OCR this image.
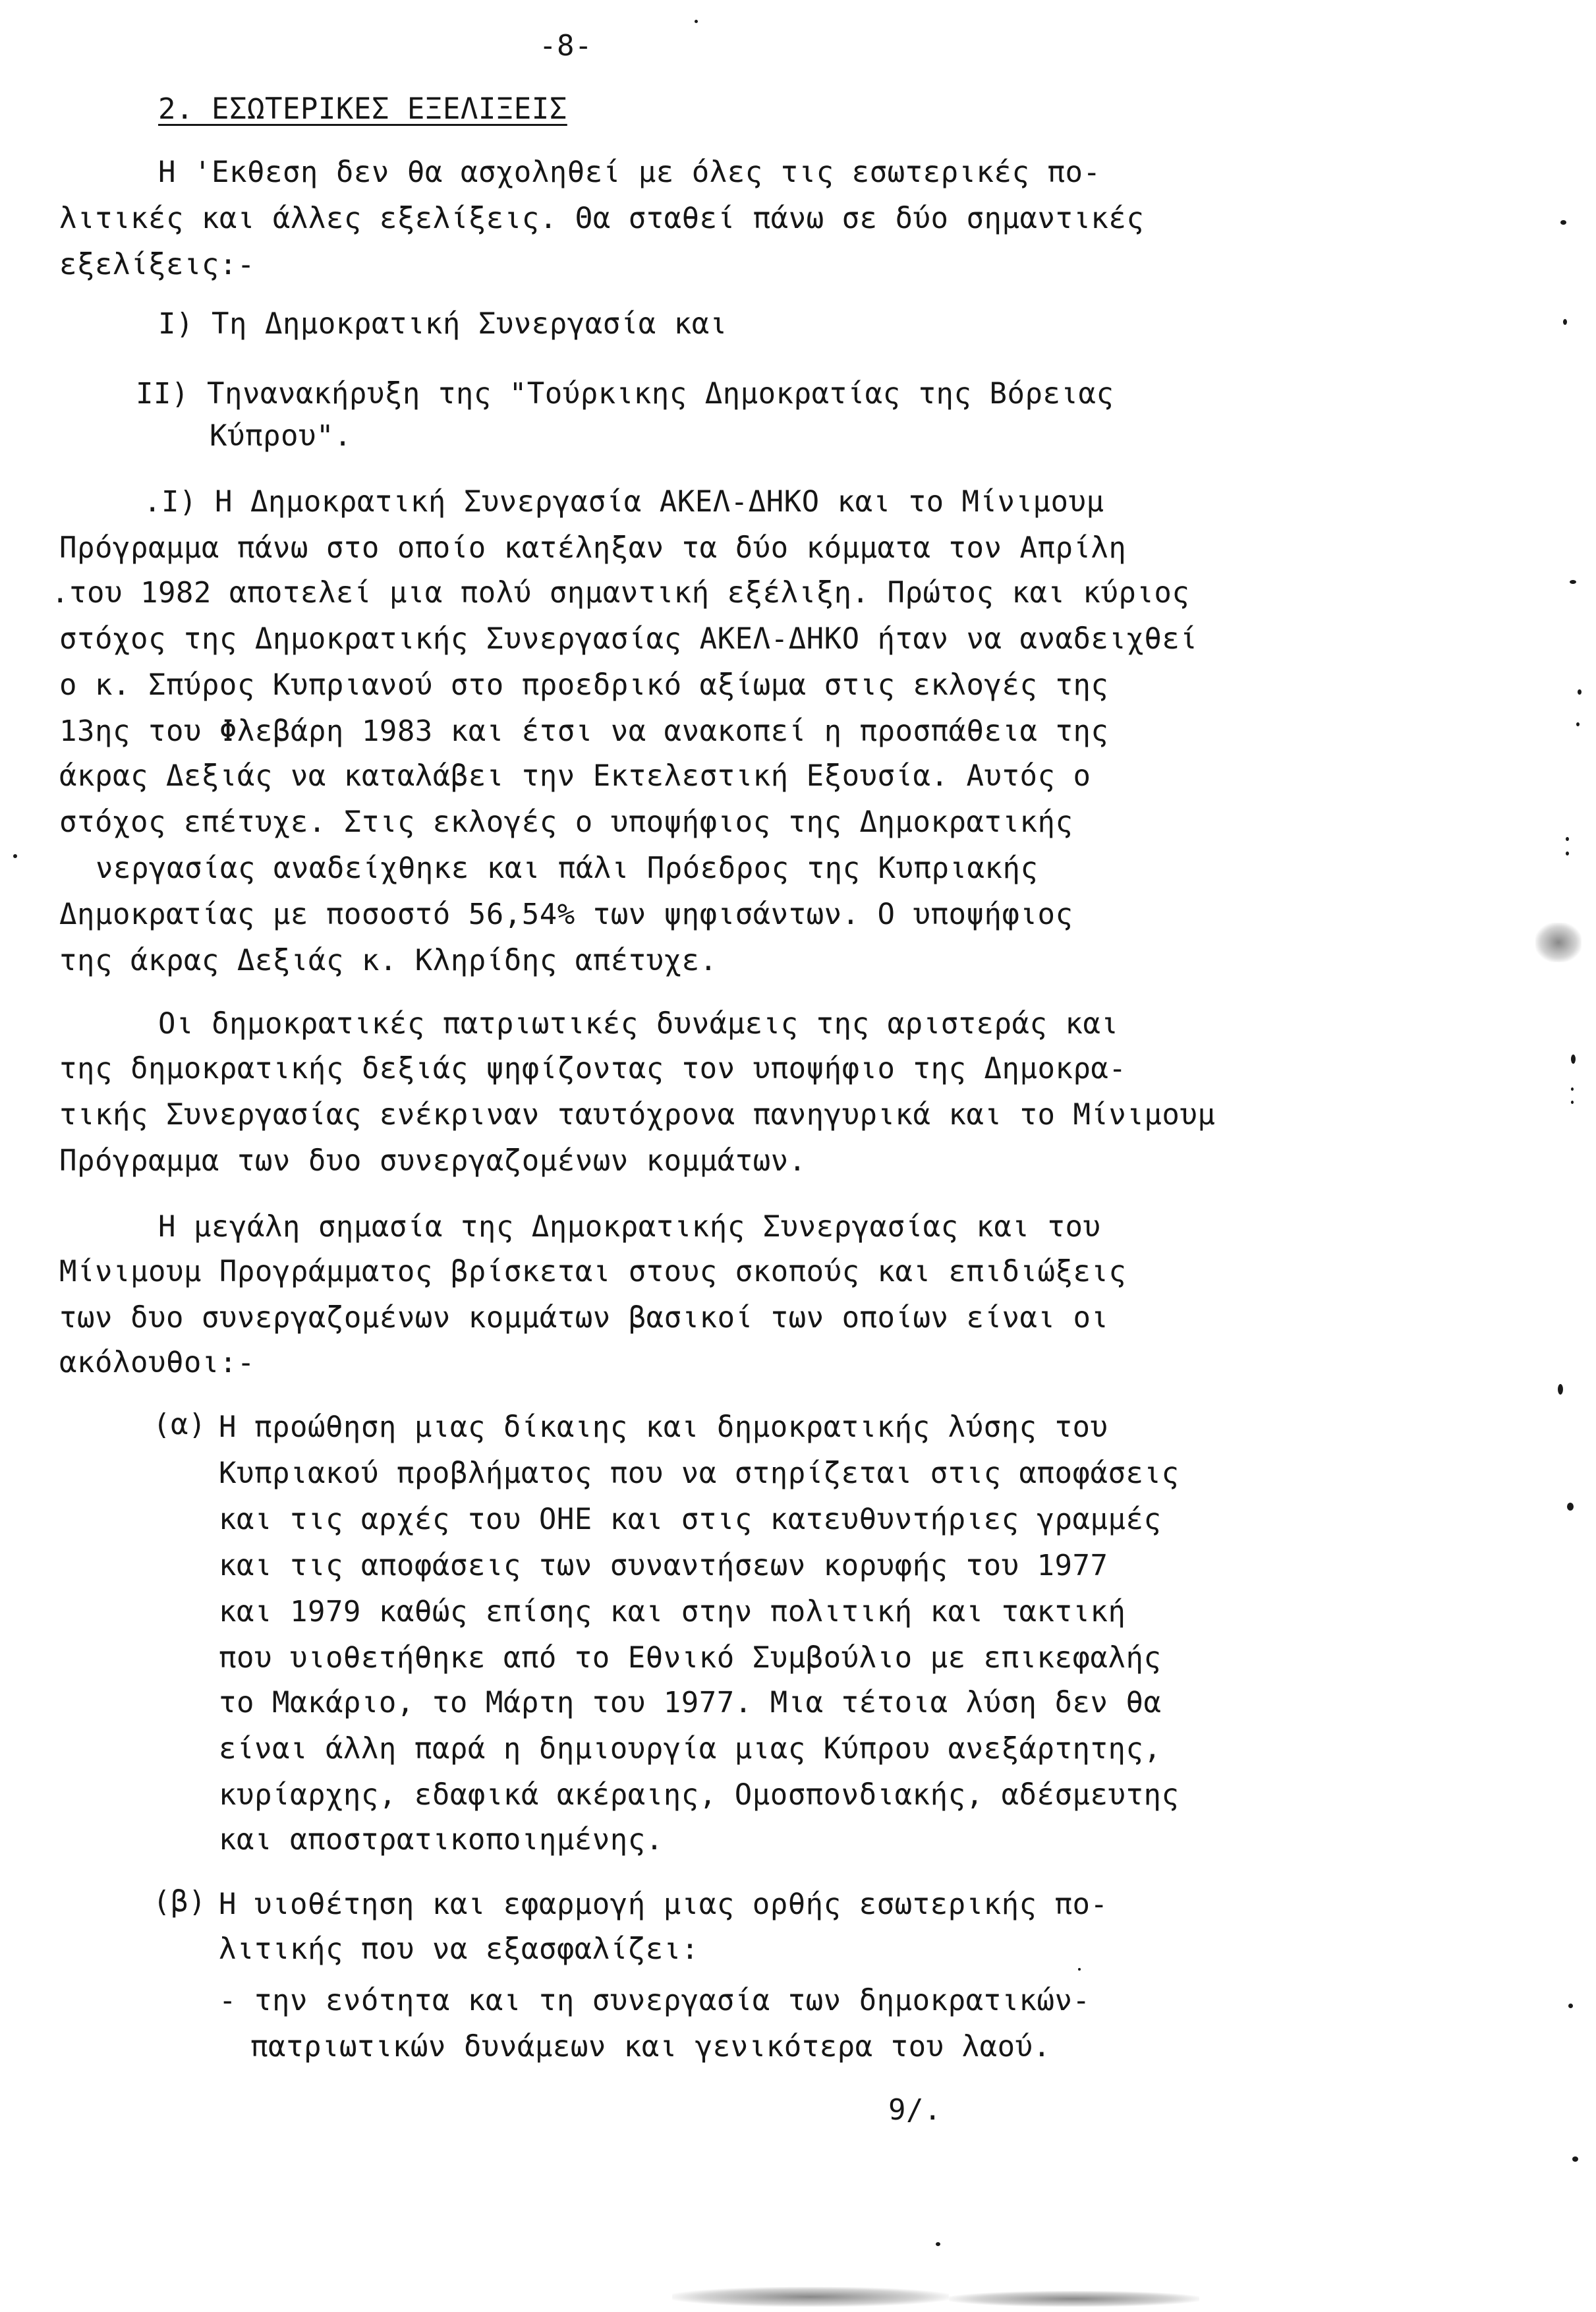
-8-
2. ΕΣΩΤΕΡΙΚΕΣ ΕΞΕΛΙΞΕΙΣ
Η 'Εκθεση δεν θα ασχοληθεί με όλες τις εσωτερικές πο-
λιτικές και άλλες εξελίξεις. Θα σταθεί πάνω σε δύο σημαντικές
εξελίξεις:-
I) Τη Δημοκρατική Συνεργασία και
II) Τηνανακήρυξη της "Τούρκικης Δημοκρατίας της Βόρειας
Κύπρου".
.I) Η Δημοκρατική Συνεργασία ΑΚΕΛ-ΔΗΚΟ και το Μίνιμουμ
Πρόγραμμα πάνω στο οποίο κατέληξαν τα δύο κόμματα τον Απρίλη
.του 1982 αποτελεί μια πολύ σημαντική εξέλιξη. Πρώτος και κύριος
στόχος της Δημοκρατικής Συνεργασίας ΑΚΕΛ-ΔΗΚΟ ήταν να αναδειχθεί
ο κ. Σπύρος Κυπριανού στο προεδρικό αξίωμα στις εκλογές της
13ης του Φλεβάρη 1983 και έτσι να ανακοπεί η προσπάθεια της
άκρας Δεξιάς να καταλάβει την Εκτελεστική Εξουσία. Αυτός ο
στόχος επέτυχε. Στις εκλογές ο υποψήφιος της Δημοκρατικής
νεργασίας αναδείχθηκε και πάλι Πρόεδρος της Κυπριακής
Δημοκρατίας με ποσοστό 56,54% των ψηφισάντων. Ο υποψήφιος
της άκρας Δεξιάς κ. Κληρίδης απέτυχε.
Οι δημοκρατικές πατριωτικές δυνάμεις της αριστεράς και
της δημοκρατικής δεξιάς ψηφίζοντας τον υποψήφιο της Δημοκρα-
τικής Συνεργασίας ενέκριναν ταυτόχρονα πανηγυρικά και το Μίνιμουμ
Πρόγραμμα των δυο συνεργαζομένων κομμάτων.
Η μεγάλη σημασία της Δημοκρατικής Συνεργασίας και του
Μίνιμουμ Προγράμματος βρίσκεται στους σκοπούς και επιδιώξεις
των δυο συνεργαζομένων κομμάτων βασικοί των οποίων είναι οι
ακόλουθοι:-
(α) Η προώθηση μιας δίκαιης και δημοκρατικής λύσης του
Κυπριακού προβλήματος που να στηρίζεται στις αποφάσεις
και τις αρχές του ΟΗΕ και στις κατευθυντήριες γραμμές
και τις αποφάσεις των συναντήσεων κορυφής του 1977
και 1979 καθώς επίσης και στην πολιτική και τακτική
που υιοθετήθηκε από το Εθνικό Συμβούλιο με επικεφαλής
το Μακάριο, το Μάρτη του 1977. Μια τέτοια λύση δεν θα
είναι άλλη παρά η δημιουργία μιας Κύπρου ανεξάρτητης,
κυρίαρχης, εδαφικά ακέραιης, Ομοσπονδιακής, αδέσμευτης
και αποστρατικοποιημένης.
(β) Η υιοθέτηση και εφαρμογή μιας ορθής εσωτερικής πο-
λιτικής που να εξασφαλίζει:
- την ενότητα και τη συνεργασία των δημοκρατικών-
πατριωτικών δυνάμεων και γενικότερα του λαού.
9/.
